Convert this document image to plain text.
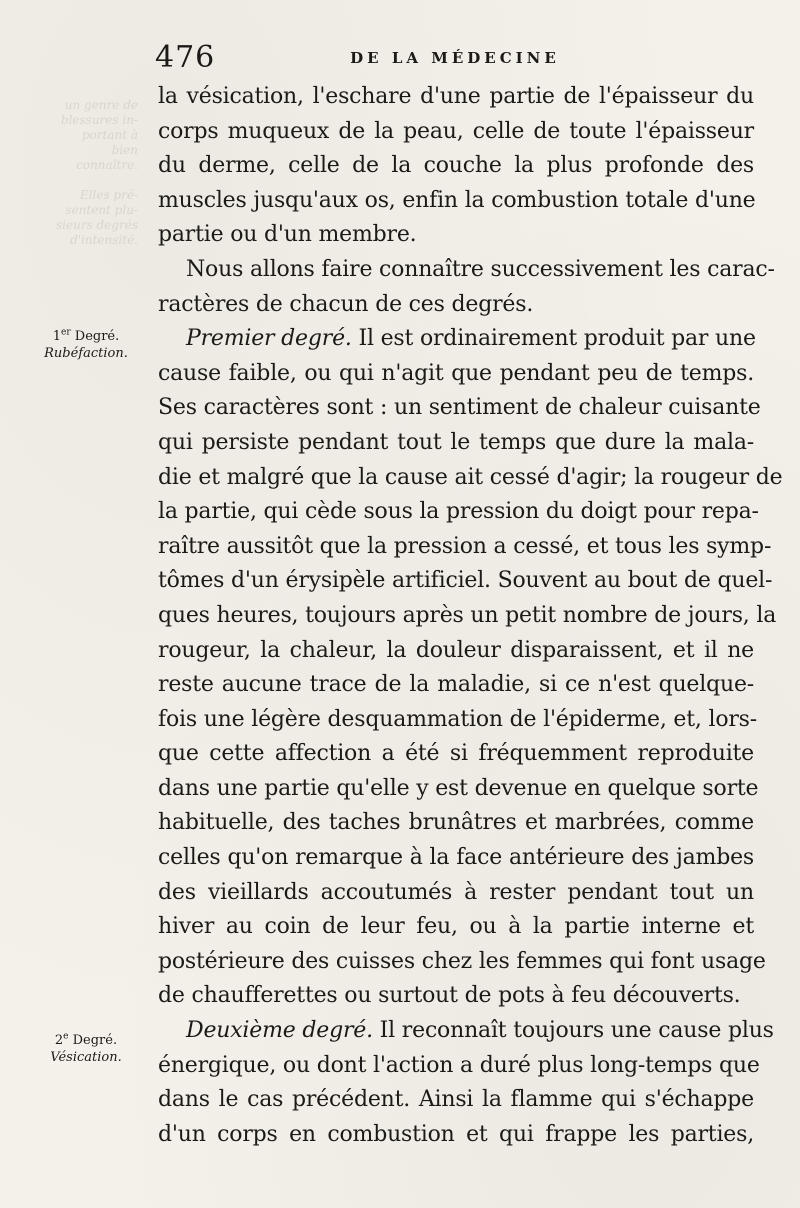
un genre de
blessures in-
portant à
bien
connaître.

Elles pré-
sentent plu-
sieurs degrés
d'intensité.
476	DE LA MÉDECINE
1er Degré.
Rubéfaction.
2e Degré.
Vésication.
la vésication, l'eschare d'une partie de l'épaisseur du
corps muqueux de la peau, celle de toute l'épaisseur
du derme, celle de la couche la plus profonde des
muscles jusqu'aux os, enfin la combustion totale d'une
partie ou d'un membre.
Nous allons faire connaître successivement les carac-
ractères de chacun de ces degrés.
Premier degré. Il est ordinairement produit par une
cause faible, ou qui n'agit que pendant peu de temps.
Ses caractères sont : un sentiment de chaleur cuisante
qui persiste pendant tout le temps que dure la mala-
die et malgré que la cause ait cessé d'agir; la rougeur de
la partie, qui cède sous la pression du doigt pour repa-
raître aussitôt que la pression a cessé, et tous les symp-
tômes d'un érysipèle artificiel. Souvent au bout de quel-
ques heures, toujours après un petit nombre de jours, la
rougeur, la chaleur, la douleur disparaissent, et il ne
reste aucune trace de la maladie, si ce n'est quelque-
fois une légère desquammation de l'épiderme, et, lors-
que cette affection a été si fréquemment reproduite
dans une partie qu'elle y est devenue en quelque sorte
habituelle, des taches brunâtres et marbrées, comme
celles qu'on remarque à la face antérieure des jambes
des vieillards accoutumés à rester pendant tout un
hiver au coin de leur feu, ou à la partie interne et
postérieure des cuisses chez les femmes qui font usage
de chaufferettes ou surtout de pots à feu découverts.
Deuxième degré. Il reconnaît toujours une cause plus
énergique, ou dont l'action a duré plus long-temps que
dans le cas précédent. Ainsi la flamme qui s'échappe
d'un corps en combustion et qui frappe les parties,
